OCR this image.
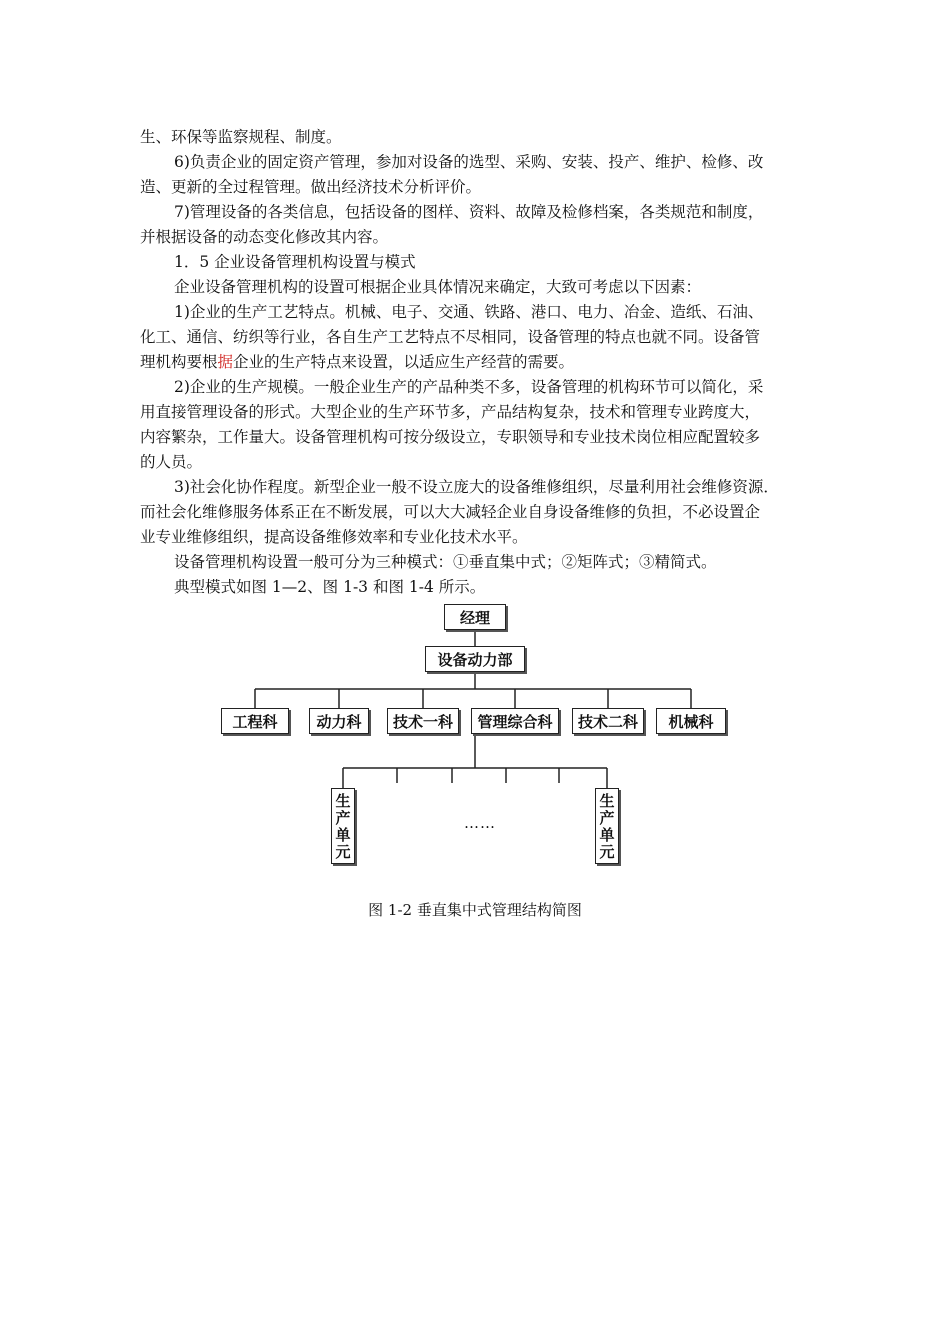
生、环保等监察规程、制度。
6)负责企业的固定资产管理，参加对设备的选型、采购、安装、投产、维护、检修、改
造、更新的全过程管理。做出经济技术分析评价。
7)管理设备的各类信息，包括设备的图样、资料、故障及检修档案，各类规范和制度，
并根据设备的动态变化修改其内容。
1．5 企业设备管理机构设置与模式
企业设备管理机构的设置可根据企业具体情况来确定，大致可考虑以下因素：
1)企业的生产工艺特点。机械、电子、交通、铁路、港口、电力、冶金、造纸、石油、
化工、通信、纺织等行业，各自生产工艺特点不尽相同，设备管理的特点也就不同。设备管
理机构要根据企业的生产特点来设置，以适应生产经营的需要。
2)企业的生产规模。一般企业生产的产品种类不多，设备管理的机构环节可以简化，采
用直接管理设备的形式。大型企业的生产环节多，产品结构复杂，技术和管理专业跨度大，
内容繁杂，工作量大。设备管理机构可按分级设立，专职领导和专业技术岗位相应配置较多
的人员。
3)社会化协作程度。新型企业一般不设立庞大的设备维修组织，尽量利用社会维修资源．
而社会化维修服务体系正在不断发展，可以大大减轻企业自身设备维修的负担，不必设置企
业专业维修组织，提高设备维修效率和专业化技术水平。
设备管理机构设置一般可分为三种模式：①垂直集中式；②矩阵式；③精简式。
典型模式如图 1—2、图 1-3 和图 1-4 所示。
经理
设备动力部
工程科	动力科	技术一科	管理综合科	技术二科	机械科
生
产
单
元
生
产
单
元
……
图 1-2 垂直集中式管理结构简图
